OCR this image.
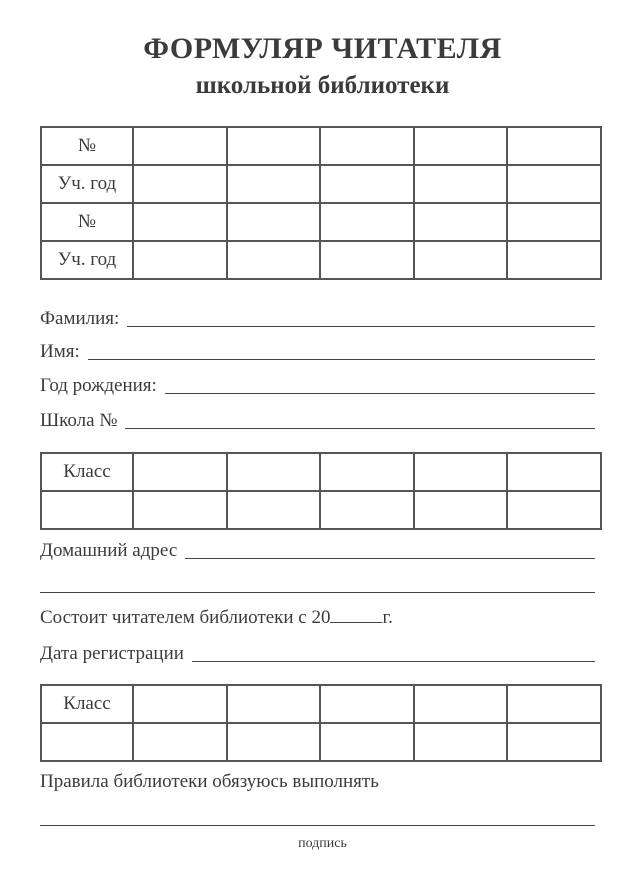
ФОРМУЛЯР ЧИТАТЕЛЯ
школьной библиотеки
№					
Уч. год					
№					
Уч. год					
Фамилия:
Имя:
Год рождения:
Школа №
Класс					

Домашний адрес
Состоит читателем библиотеки с 20	г.
Дата регистрации
Класс					

Правила библиотеки обязуюсь выполнять
подпись
